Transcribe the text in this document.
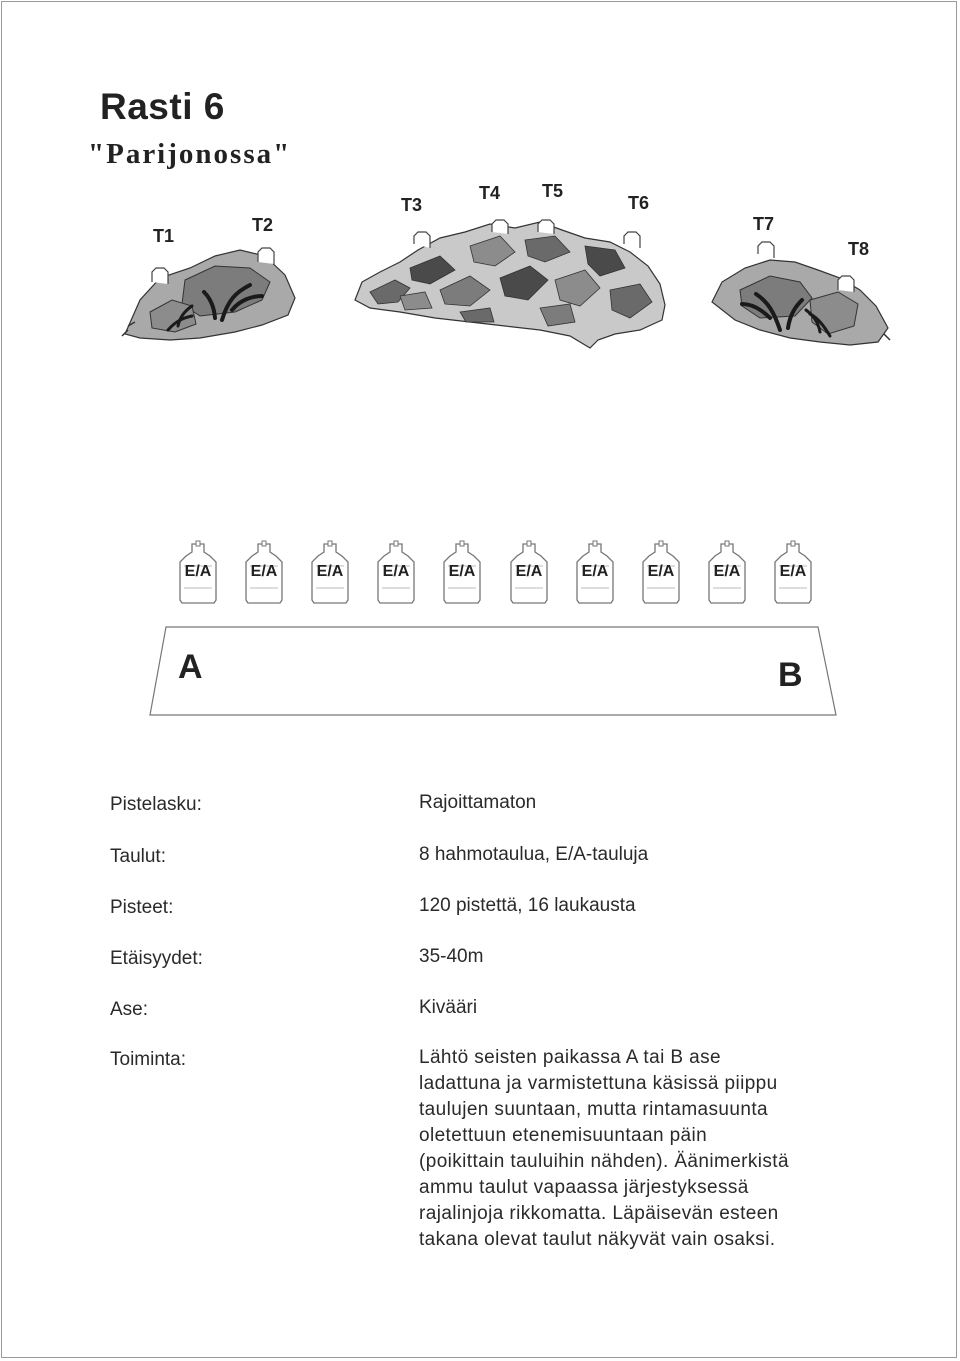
Rasti 6
"Parijonossa"
T1
T2
T3
T4 T5
T6
T7
T8
E/A	E/A	E/A	E/A	E/A	E/A	E/A	E/A	E/A	E/A
A	B
Pistelasku:	Rajoittamaton
Taulut:	8 hahmotaulua, E/A-tauluja
Pisteet:	120 pistettä, 16 laukausta
Etäisyydet:	35-40m
Ase:	Kivääri
Toiminta:	Lähtö seisten paikassa A tai B ase
ladattuna ja varmistettuna käsissä piippu
taulujen suuntaan, mutta rintamasuunta
oletettuun etenemisuuntaan päin
(poikittain tauluihin nähden). Äänimerkistä
ammu taulut vapaassa järjestyksessä
rajalinjoja rikkomatta. Läpäisevän esteen
takana olevat taulut näkyvät vain osaksi.
